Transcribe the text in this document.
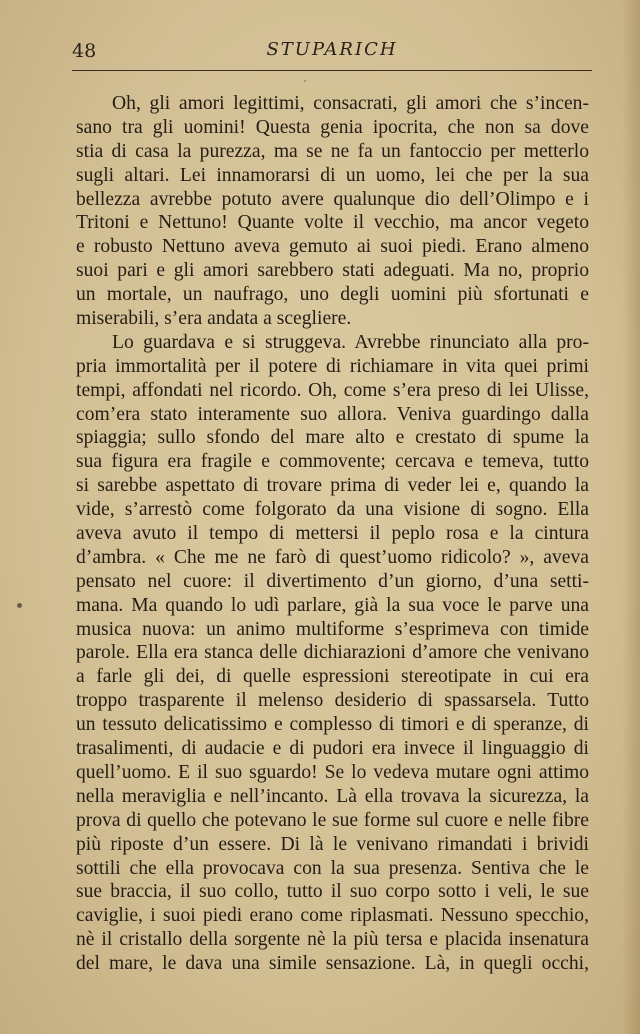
48	STUPARICH
Oh, gli amori legittimi, consacrati, gli amori che s’incen-
sano tra gli uomini! Questa genia ipocrita, che non sa dove
stia di casa la purezza, ma se ne fa un fantoccio per metterlo
sugli altari. Lei innamorarsi di un uomo, lei che per la sua
bellezza avrebbe potuto avere qualunque dio dell’Olimpo e i
Tritoni e Nettuno! Quante volte il vecchio, ma ancor vegeto
e robusto Nettuno aveva gemuto ai suoi piedi. Erano almeno
suoi pari e gli amori sarebbero stati adeguati. Ma no, proprio
un mortale, un naufrago, uno degli uomini più sfortunati e
miserabili, s’era andata a scegliere.
Lo guardava e si struggeva. Avrebbe rinunciato alla pro-
pria immortalità per il potere di richiamare in vita quei primi
tempi, affondati nel ricordo. Oh, come s’era preso di lei Ulisse,
com’era stato interamente suo allora. Veniva guardingo dalla
spiaggia; sullo sfondo del mare alto e crestato di spume la
sua figura era fragile e commovente; cercava e temeva, tutto
si sarebbe aspettato di trovare prima di veder lei e, quando la
vide, s’arrestò come folgorato da una visione di sogno. Ella
aveva avuto il tempo di mettersi il peplo rosa e la cintura
d’ambra. « Che me ne farò di quest’uomo ridicolo? », aveva
pensato nel cuore: il divertimento d’un giorno, d’una setti-
mana. Ma quando lo udì parlare, già la sua voce le parve una
musica nuova: un animo multiforme s’esprimeva con timide
parole. Ella era stanca delle dichiarazioni d’amore che venivano
a farle gli dei, di quelle espressioni stereotipate in cui era
troppo trasparente il melenso desiderio di spassarsela. Tutto
un tessuto delicatissimo e complesso di timori e di speranze, di
trasalimenti, di audacie e di pudori era invece il linguaggio di
quell’uomo. E il suo sguardo! Se lo vedeva mutare ogni attimo
nella meraviglia e nell’incanto. Là ella trovava la sicurezza, la
prova di quello che potevano le sue forme sul cuore e nelle fibre
più riposte d’un essere. Di là le venivano rimandati i brividi
sottili che ella provocava con la sua presenza. Sentiva che le
sue braccia, il suo collo, tutto il suo corpo sotto i veli, le sue
caviglie, i suoi piedi erano come riplasmati. Nessuno specchio,
nè il cristallo della sorgente nè la più tersa e placida insenatura
del mare, le dava una simile sensazione. Là, in quegli occhi,
